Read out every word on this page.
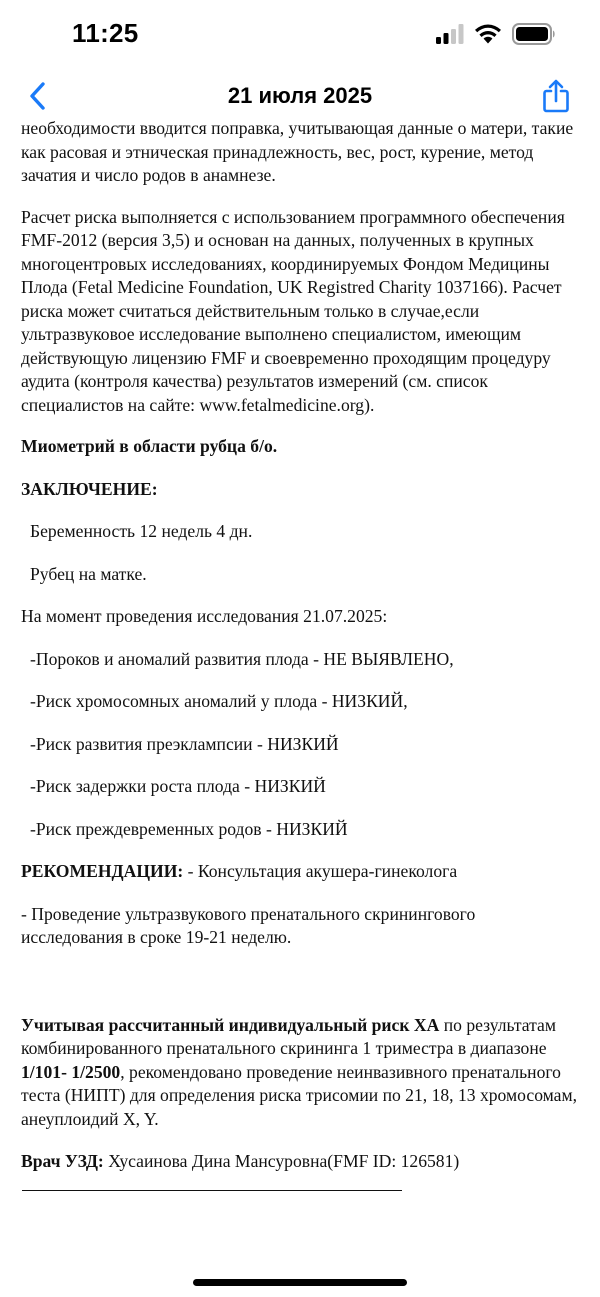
11:25
21 июля 2025

необходимости вводится поправка, учитывающая данные о матери, такие как расовая и этническая принадлежность, вес, рост, курение, метод зачатия и число родов в анамнезе.

Расчет риска выполняется с использованием программного обеспечения FMF-2012 (версия 3,5) и основан на данных, полученных в крупных многоцентровых исследованиях, координируемых Фондом Медицины Плода (Fetal Medicine Foundation, UK Registred Charity 1037166). Расчет риска может считаться действительным только в случае,если ультразвуковое исследование выполнено специалистом, имеющим действующую лицензию FMF и своевременно проходящим процедуру аудита (контроля качества) результатов измерений (см. список специалистов на сайте: www.fetalmedicine.org).

Миометрий в области рубца б/о.

ЗАКЛЮЧЕНИЕ:

Беременность 12 недель 4 дн.

Рубец на матке.

На момент проведения исследования 21.07.2025:

-Пороков и аномалий развития плода - НЕ ВЫЯВЛЕНО,

-Риск хромосомных аномалий у плода - НИЗКИЙ,

-Риск развития преэклампсии - НИЗКИЙ

-Риск задержки роста плода - НИЗКИЙ

-Риск преждевременных родов - НИЗКИЙ

РЕКОМЕНДАЦИИ: - Консультация акушера-гинеколога

- Проведение ультразвукового пренатального скринингового исследования в сроке 19-21 неделю.

Учитывая рассчитанный индивидуальный риск ХА по результатам комбинированного пренатального скрининга 1 триместра в диапазоне 1/101- 1/2500, рекомендовано проведение неинвазивного пренатального теста (НИПТ) для определения риска трисомии по 21, 18, 13 хромосомам, анеуплоидий X, Y.

Врач УЗД: Хусаинова Дина Мансуровна(FMF ID: 126581)
